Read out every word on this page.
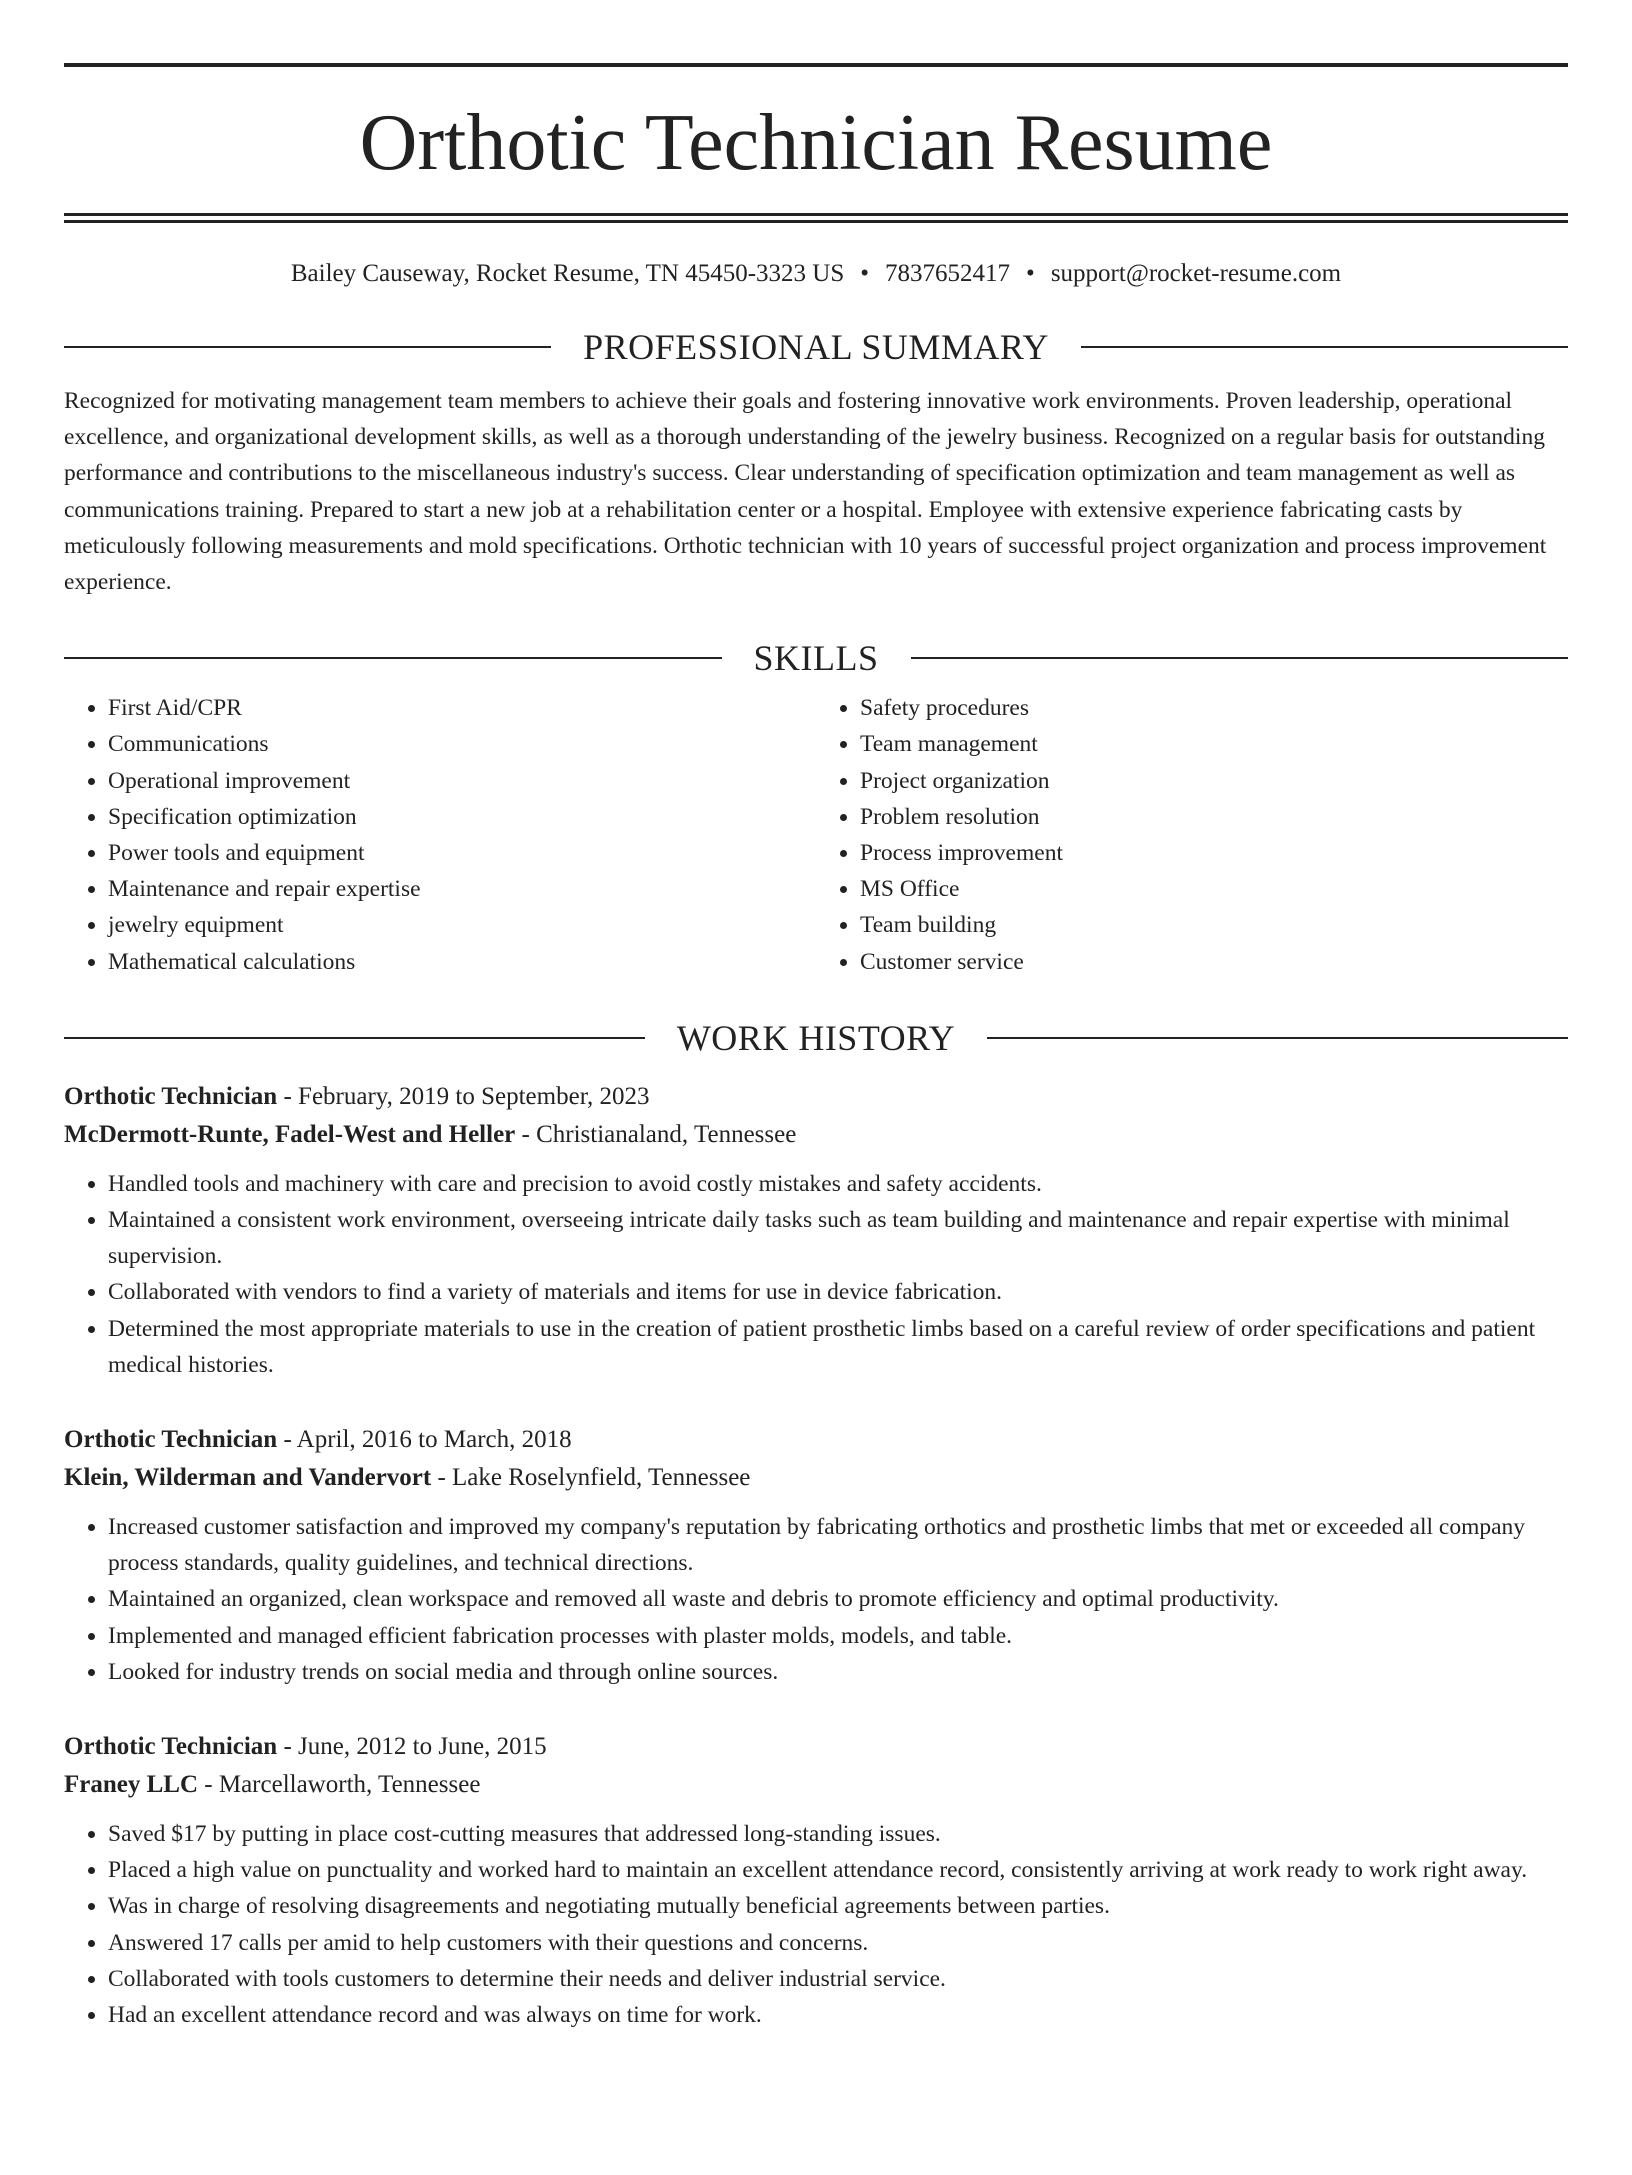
Orthotic Technician Resume
Bailey Causeway, Rocket Resume, TN 45450-3323 US • 7837652417 • support@rocket-resume.com
PROFESSIONAL SUMMARY
Recognized for motivating management team members to achieve their goals and fostering innovative work environments. Proven leadership, operational excellence, and organizational development skills, as well as a thorough understanding of the jewelry business. Recognized on a regular basis for outstanding performance and contributions to the miscellaneous industry's success. Clear understanding of specification optimization and team management as well as communications training. Prepared to start a new job at a rehabilitation center or a hospital. Employee with extensive experience fabricating casts by meticulously following measurements and mold specifications. Orthotic technician with 10 years of successful project organization and process improvement experience.
SKILLS
• First Aid/CPR
• Communications
• Operational improvement
• Specification optimization
• Power tools and equipment
• Maintenance and repair expertise
• jewelry equipment
• Mathematical calculations
• Safety procedures
• Team management
• Project organization
• Problem resolution
• Process improvement
• MS Office
• Team building
• Customer service
WORK HISTORY
Orthotic Technician - February, 2019 to September, 2023
McDermott-Runte, Fadel-West and Heller - Christianaland, Tennessee
• Handled tools and machinery with care and precision to avoid costly mistakes and safety accidents.
• Maintained a consistent work environment, overseeing intricate daily tasks such as team building and maintenance and repair expertise with minimal supervision.
• Collaborated with vendors to find a variety of materials and items for use in device fabrication.
• Determined the most appropriate materials to use in the creation of patient prosthetic limbs based on a careful review of order specifications and patient medical histories.
Orthotic Technician - April, 2016 to March, 2018
Klein, Wilderman and Vandervort - Lake Roselynfield, Tennessee
• Increased customer satisfaction and improved my company's reputation by fabricating orthotics and prosthetic limbs that met or exceeded all company process standards, quality guidelines, and technical directions.
• Maintained an organized, clean workspace and removed all waste and debris to promote efficiency and optimal productivity.
• Implemented and managed efficient fabrication processes with plaster molds, models, and table.
• Looked for industry trends on social media and through online sources.
Orthotic Technician - June, 2012 to June, 2015
Franey LLC - Marcellaworth, Tennessee
• Saved $17 by putting in place cost-cutting measures that addressed long-standing issues.
• Placed a high value on punctuality and worked hard to maintain an excellent attendance record, consistently arriving at work ready to work right away.
• Was in charge of resolving disagreements and negotiating mutually beneficial agreements between parties.
• Answered 17 calls per amid to help customers with their questions and concerns.
• Collaborated with tools customers to determine their needs and deliver industrial service.
• Had an excellent attendance record and was always on time for work.
